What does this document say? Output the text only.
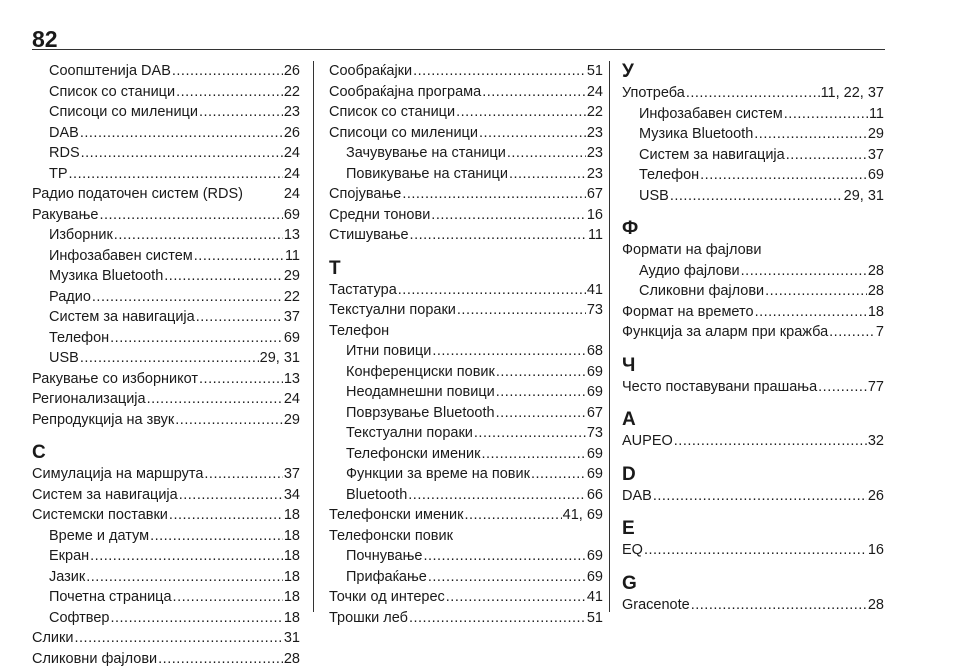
82
Соопштенија DAB .....	26
Список со станици .....	22
Списоци со миленици .....	23
DAB .....	26
RDS .....	24
TP .....	24
Радио податочен систем (RDS)	24
Ракување .....	69
Изборник .....	13
Инфозабавен систем .....	11
Музика Bluetooth .....	29
Радио .....	22
Систем за навигација .....	37
Телефон .....	69
USB .....	29, 31
Ракување со изборникот .....	13
Регионализација .....	24
Репродукција на звук .....	29
С
Симулација на маршрута .....	37
Систем за навигација .....	34
Системски поставки .....	18
Време и датум .....	18
Екран .....	18
Јазик .....	18
Почетна страница .....	18
Софтвер .....	18
Слики .....	31
Сликовни фајлови .....	28
Сообраќајки .....	51
Сообраќајна програма .....	24
Список со станици .....	22
Списоци со миленици .....	23
Зачувување на станици .....	23
Повикување на станици .....	23
Спојување .....	67
Средни тонови .....	16
Стишување .....	11
Т
Тастатура .....	41
Текстуални пораки .....	73
Телефон
Итни повици .....	68
Конференциски повик .....	69
Неодамнешни повици .....	69
Поврзување Bluetooth .....	67
Текстуални пораки .....	73
Телефонски именик .....	69
Функции за време на повик .....	69
Bluetooth .....	66
Телефонски именик .....	41, 69
Телефонски повик
Почнување .....	69
Прифаќање .....	69
Точки од интерес .....	41
Трошки леб .....	51
У
Употреба .....	11, 22, 37
Инфозабавен систем .....	11
Музика Bluetooth .....	29
Систем за навигација .....	37
Телефон .....	69
USB .....	29, 31
Ф
Формати на фајлови
Аудио фајлови .....	28
Сликовни фајлови .....	28
Формат на времето .....	18
Функција за аларм при кражба .....	7
Ч
Често поставувани прашања .....	77
A
AUPEO .....	32
D
DAB .....	26
E
EQ .....	16
G
Gracenote .....	28
